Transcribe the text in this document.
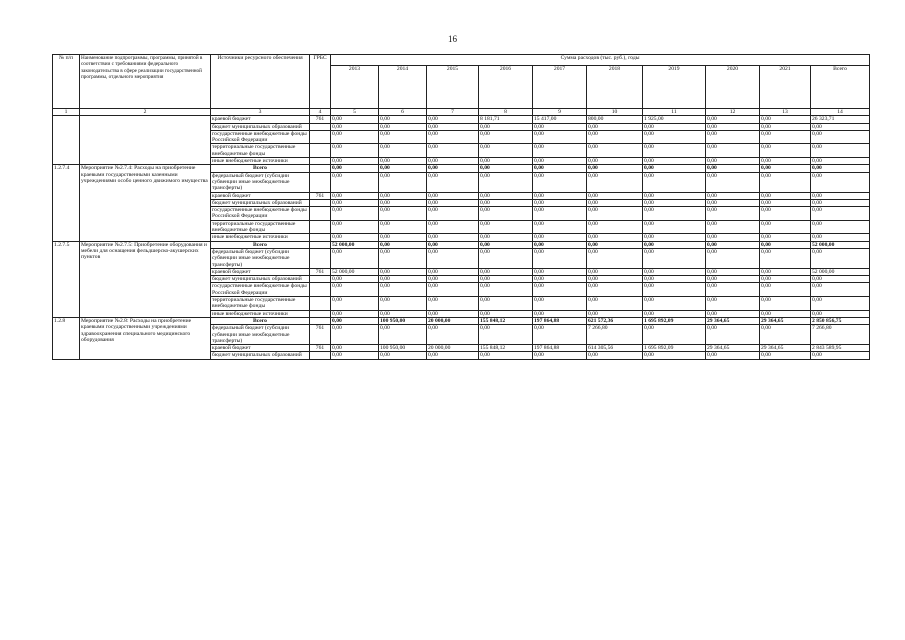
16
№ п/п	Наименование подпрограммы, программы, принятой в соответствии с требованиями федерального законодательства в сфере реализации государственной программы, отдельного мероприятия	Источники ресурсного обеспечения	ГРБС	Сумма расходов (тыс. руб.), годы									
				2013	2014	2015	2016	2017	2018	2019	2020	2021	Всего
1	2	3	4	5	6	7	8	9	10	11	12	13	14
		краевой бюджет	761	0,00	0,00	0,00	8 181,71	15 417,00	800,00	1 925,00	0,00	0,00	26 323,71
		бюджет муниципальных образований		0,00	0,00	0,00	0,00	0,00	0,00	0,00	0,00	0,00	0,00
		государственные внебюджетные фонды Российской Федерации		0,00	0,00	0,00	0,00	0,00	0,00	0,00	0,00	0,00	0,00
		территориальные государственные внебюджетные фонды		0,00	0,00	0,00	0,00	0,00	0,00	0,00	0,00	0,00	0,00
		иные внебюджетные источники		0,00	0,00	0,00	0,00	0,00	0,00	0,00	0,00	0,00	0,00
1.2.7.4	Мероприятие №2.7.4: Расходы на приобретение краевыми государственными казенными учреждениями особо ценного движимого имущества	Всего		0,00	0,00	0,00	0,00	0,00	0,00	0,00	0,00	0,00	0,00
		федеральный бюджет (субсидии субвенции иные межбюджетные трансферты)		0,00	0,00	0,00	0,00	0,00	0,00	0,00	0,00	0,00	0,00
		краевой бюджет	761	0,00	0,00	0,00	0,00	0,00	0,00	0,00	0,00	0,00	0,00
		бюджет муниципальных образований		0,00	0,00	0,00	0,00	0,00	0,00	0,00	0,00	0,00	0,00
		государственные внебюджетные фонды Российской Федерации		0,00	0,00	0,00	0,00	0,00	0,00	0,00	0,00	0,00	0,00
		территориальные государственные внебюджетные фонды		0,00	0,00	0,00	0,00	0,00	0,00	0,00	0,00	0,00	0,00
		иные внебюджетные источники		0,00	0,00	0,00	0,00	0,00	0,00	0,00	0,00	0,00	0,00
1.2.7.5	Мероприятие №2.7.5: Приобретение оборудования и мебели для оснащения фельдшерско-акушерских пунктов	Всего		52 000,00	0,00	0,00	0,00	0,00	0,00	0,00	0,00	0,00	52 000,00
		федеральный бюджет (субсидии субвенции иные межбюджетные трансферты)		0,00	0,00	0,00	0,00	0,00	0,00	0,00	0,00	0,00	0,00
		краевой бюджет	761	52 000,00	0,00	0,00	0,00	0,00	0,00	0,00	0,00	0,00	52 000,00
		бюджет муниципальных образований		0,00	0,00	0,00	0,00	0,00	0,00	0,00	0,00	0,00	0,00
		государственные внебюджетные фонды Российской Федерации		0,00	0,00	0,00	0,00	0,00	0,00	0,00	0,00	0,00	0,00
		территориальные государственные внебюджетные фонды		0,00	0,00	0,00	0,00	0,00	0,00	0,00	0,00	0,00	0,00
		иные внебюджетные источники		0,00	0,00	0,00	0,00	0,00	0,00	0,00	0,00	0,00	0,00
1.2.8	Мероприятие №2.8: Расходы на приобретение краевыми государственными учреждениями здравоохранения специального медицинского оборудования	Всего		0,00	100 950,00	20 000,00	155 848,12	197 864,88	621 572,36	1 695 892,09	29 364,65	29 364,65	2 850 856,75
		федеральный бюджет (субсидии субвенции иные межбюджетные трансферты)	761	0,00	0,00	0,00	0,00	0,00	7 266,80	0,00	0,00	0,00	7 266,80
		краевой бюджет	761	0,00	100 950,00	20 000,00	155 848,12	197 864,88	614 305,56	1 695 892,09	29 364,65	29 364,65	2 843 589,95
		бюджет муниципальных образований		0,00	0,00	0,00	0,00	0,00	0,00	0,00	0,00	0,00	0,00
